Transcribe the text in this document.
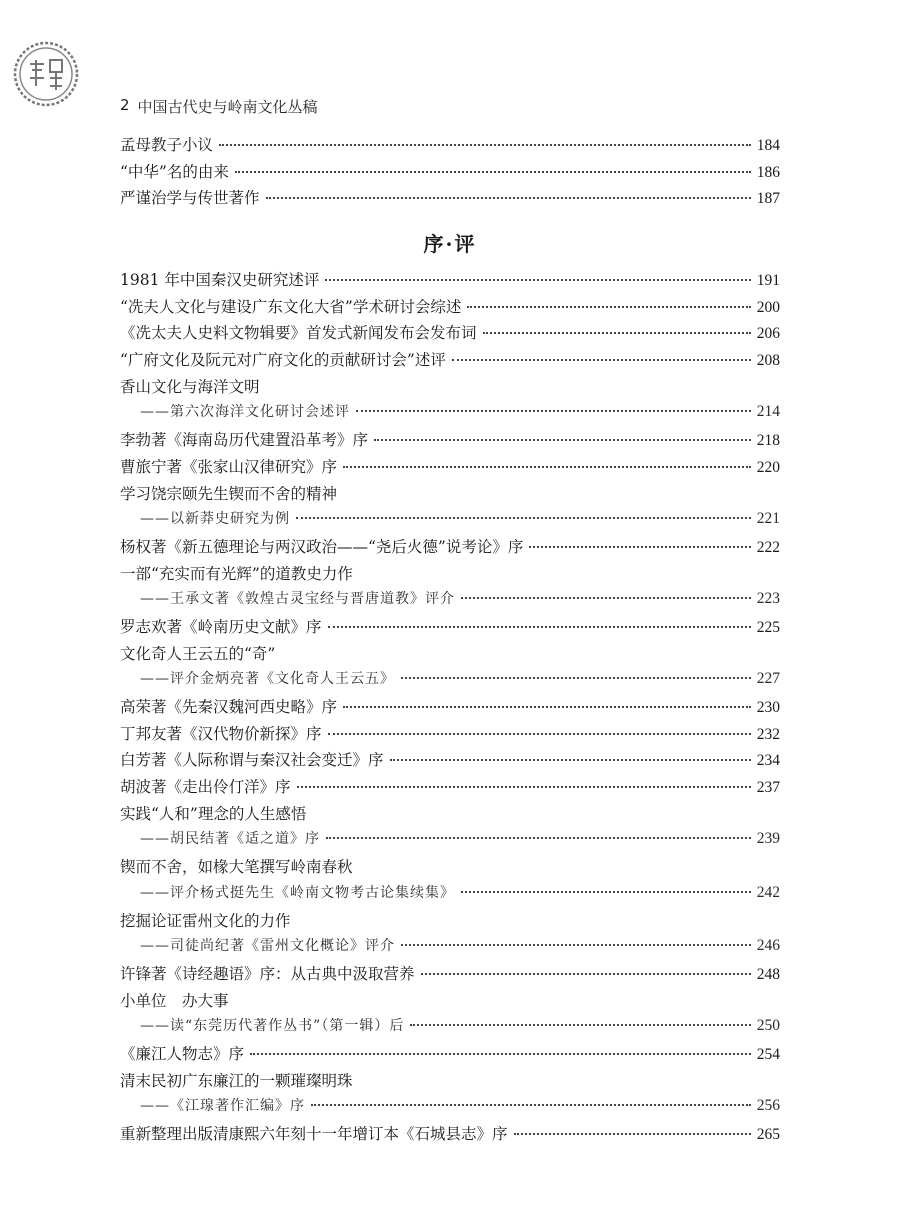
2 中国古代史与岭南文化丛稿
孟母教子小议	184
“中华”名的由来	186
严谨治学与传世著作	187
序·评
1981 年中国秦汉史研究述评	191
“冼夫人文化与建设广东文化大省”学术研讨会综述	200
《冼太夫人史料文物辑要》首发式新闻发布会发布词	206
“广府文化及阮元对广府文化的贡献研讨会”述评	208
香山文化与海洋文明
——第六次海洋文化研讨会述评	214
李勃著《海南岛历代建置沿革考》序	218
曹旅宁著《张家山汉律研究》序	220
学习饶宗颐先生锲而不舍的精神
——以新莽史研究为例	221
杨权著《新五德理论与两汉政治——“尧后火德”说考论》序	222
一部“充实而有光辉”的道教史力作
——王承文著《敦煌古灵宝经与晋唐道教》评介	223
罗志欢著《岭南历史文献》序	225
文化奇人王云五的“奇”
——评介金炳亮著《文化奇人王云五》	227
高荣著《先秦汉魏河西史略》序	230
丁邦友著《汉代物价新探》序	232
白芳著《人际称谓与秦汉社会变迁》序	234
胡波著《走出伶仃洋》序	237
实践“人和”理念的人生感悟
——胡民结著《适之道》序	239
锲而不舍，如椽大笔撰写岭南春秋
——评介杨式挺先生《岭南文物考古论集续集》	242
挖掘论证雷州文化的力作
——司徒尚纪著《雷州文化概论》评介	246
许锋著《诗经趣语》序：从古典中汲取营养	248
小单位　办大事
——读“东莞历代著作丛书”（第一辑）后	250
《廉江人物志》序	254
清末民初广东廉江的一颗璀璨明珠
——《江瑔著作汇编》序	256
重新整理出版清康熙六年刻十一年增订本《石城县志》序	265
